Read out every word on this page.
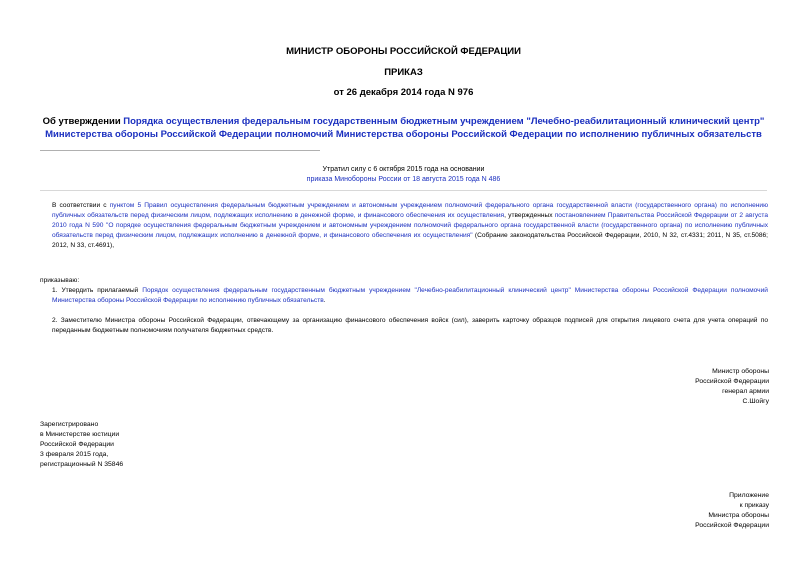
МИНИСТР ОБОРОНЫ РОССИЙСКОЙ ФЕДЕРАЦИИ
ПРИКАЗ
от 26 декабря 2014 года N 976
Об утверждении Порядка осуществления федеральным государственным бюджетным учреждением "Лечебно-реабилитационный клинический центр" Министерства обороны Российской Федерации полномочий Министерства обороны Российской Федерации по исполнению публичных обязательств
Утратил силу с 6 октября 2015 года на основании
приказа Минобороны России от 18 августа 2015 года N 486
В соответствии с пунктом 5 Правил осуществления федеральным бюджетным учреждением и автономным учреждением полномочий федерального органа государственной власти (государственного органа) по исполнению публичных обязательств перед физическим лицом, подлежащих исполнению в денежной форме, и финансового обеспечения их осуществления, утвержденных постановлением Правительства Российской Федерации от 2 августа 2010 года N 590 "О порядке осуществления федеральным бюджетным учреждением и автономным учреждением полномочий федерального органа государственной власти (государственного органа) по исполнению публичных обязательств перед физическим лицом, подлежащих исполнению в денежной форме, и финансового обеспечения их осуществления" (Собрание законодательства Российской Федерации, 2010, N 32, ст.4331; 2011, N 35, ст.5086; 2012, N 33, ст.4691),
приказываю:
1. Утвердить прилагаемый Порядок осуществления федеральным государственным бюджетным учреждением "Лечебно-реабилитационный клинический центр" Министерства обороны Российской Федерации полномочий Министерства обороны Российской Федерации по исполнению публичных обязательств.
2. Заместителю Министра обороны Российской Федерации, отвечающему за организацию финансового обеспечения войск (сил), заверить карточку образцов подписей для открытия лицевого счета для учета операций по переданным бюджетным полномочиям получателя бюджетных средств.
Министр обороны
Российской Федерации
генерал армии
С.Шойгу
Зарегистрировано
в Министерстве юстиции
Российской Федерации
3 февраля 2015 года,
регистрационный N 35846
Приложение
к приказу
Министра обороны
Российской Федерации
